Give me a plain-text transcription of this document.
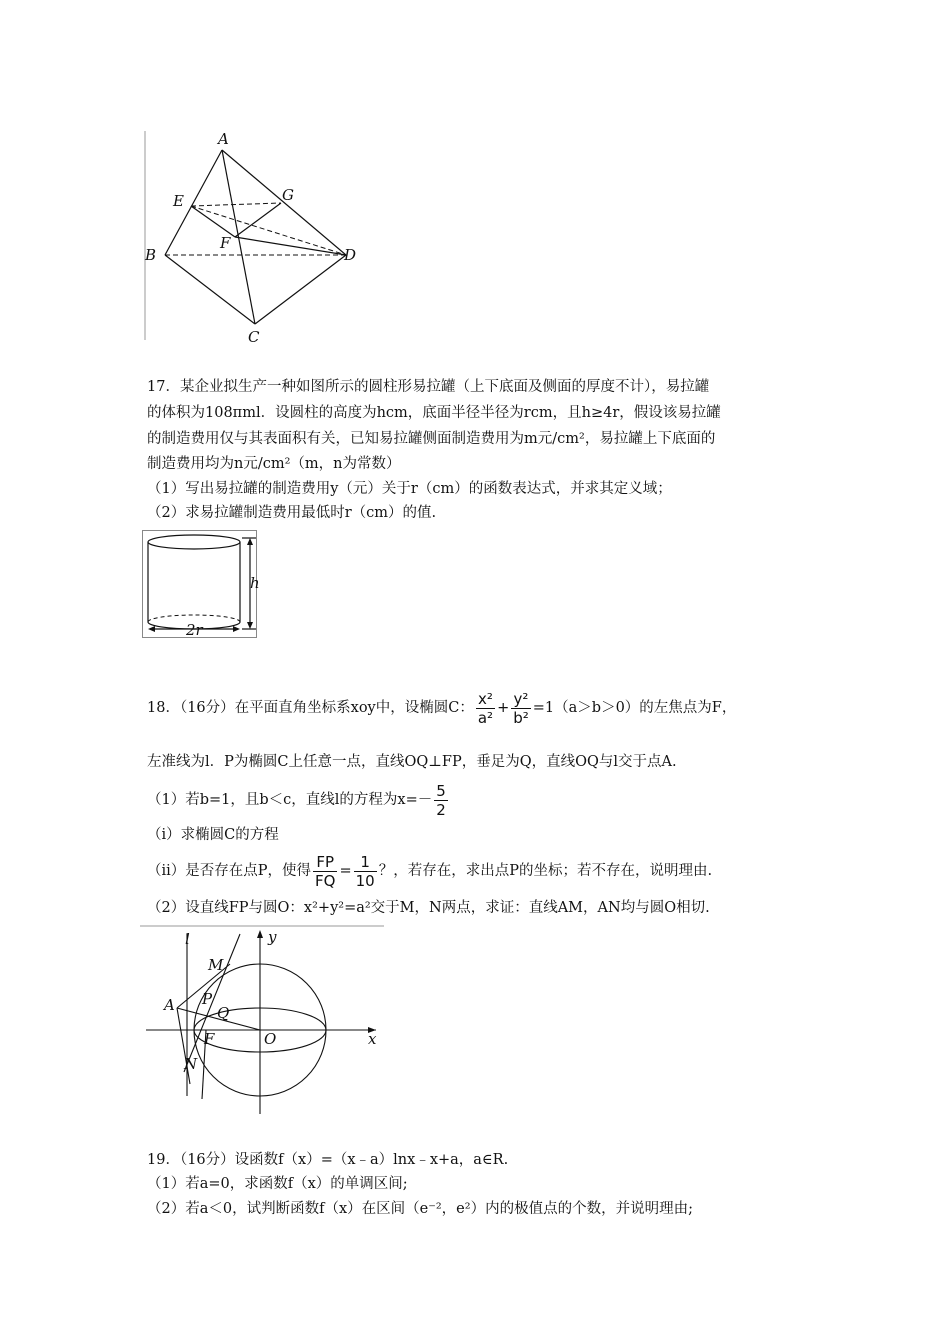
A
E	G
F
B	D
C
17．某企业拟生产一种如图所示的圆柱形易拉罐（上下底面及侧面的厚度不计），易拉罐
的体积为108πml．设圆柱的高度为hcm，底面半径半径为rcm，且h≥4r，假设该易拉罐
的制造费用仅与其表面积有关，已知易拉罐侧面制造费用为m元/cm²，易拉罐上下底面的
制造费用均为n元/cm²（m，n为常数）
（1）写出易拉罐的制造费用y（元）关于r（cm）的函数表达式，并求其定义域；
（2）求易拉罐制造费用最低时r（cm）的值.
h
2r
18．（16分）在平面直角坐标系xoy中，设椭圆C： $\frac{\text{x²}}{\text{a²}} + \frac{\text{y²}}{\text{b²}} =1(a>b>0)$的左焦点为F，
左准线为l．P为椭圆C上任意一点，直线OQ⊥FP，垂足为Q，直线OQ与l交于点A.
（1）若b=1，且b＜c，直线l的方程为$x=- \frac{5}{2}$
（i）求椭圆C的方程
（ii）是否存在点P，使得 $\frac{FP}{FQ} = \frac{1}{10}$ ？，若存在，求出点P的坐标；若不存在，说明理由.
（2）设直线FP与圆O：x²+y²=a²交于M，N两点，求证：直线AM，AN均与圆O相切.
l	y
M
A P
Q
F	O	x
N
19．（16分）设函数f（x）=（x﹣a）lnx﹣x+a，a∈R.
（1）若a=0，求函数f（x）的单调区间;
（2）若a＜0，试判断函数f（x）在区间（e⁻²，e²）内的极值点的个数，并说明理由;
